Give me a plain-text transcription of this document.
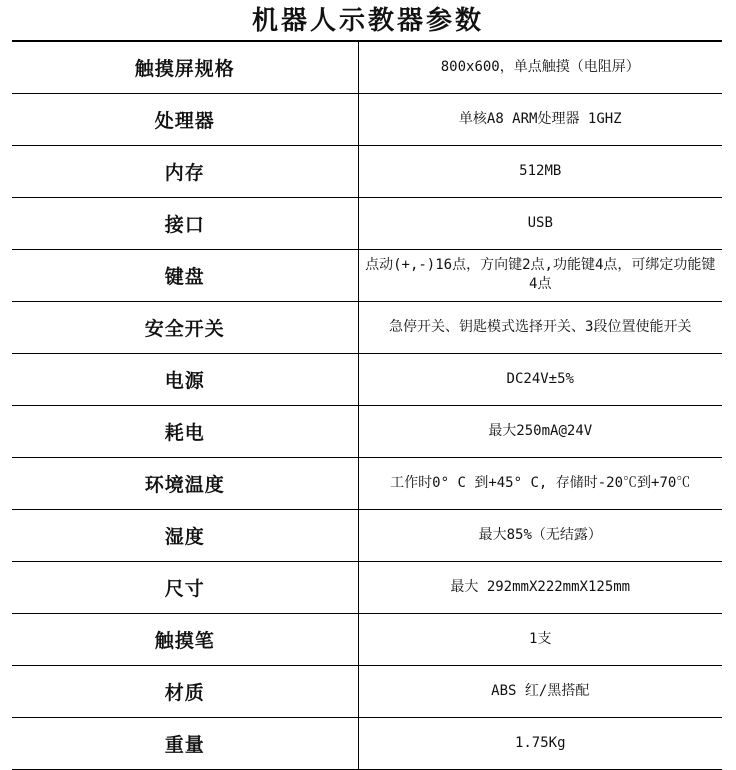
机器人示教器参数
触摸屏规格	800x600，单点触摸（电阻屏）
处理器	单核A8 ARM处理器 1GHZ
内存	512MB
接口	USB
键盘	点动(+,-)16点，方向键2点,功能键4点，可绑定功能键4点
安全开关	急停开关、钥匙模式选择开关、3段位置使能开关
电源	DC24V±5%
耗电	最大250mA@24V
环境温度	工作时0° C 到+45° C, 存储时-20℃到+70℃
湿度	最大85%（无结露）
尺寸	最大 292mmX222mmX125mm
触摸笔	1支
材质	ABS 红/黑搭配
重量	1.75Kg
